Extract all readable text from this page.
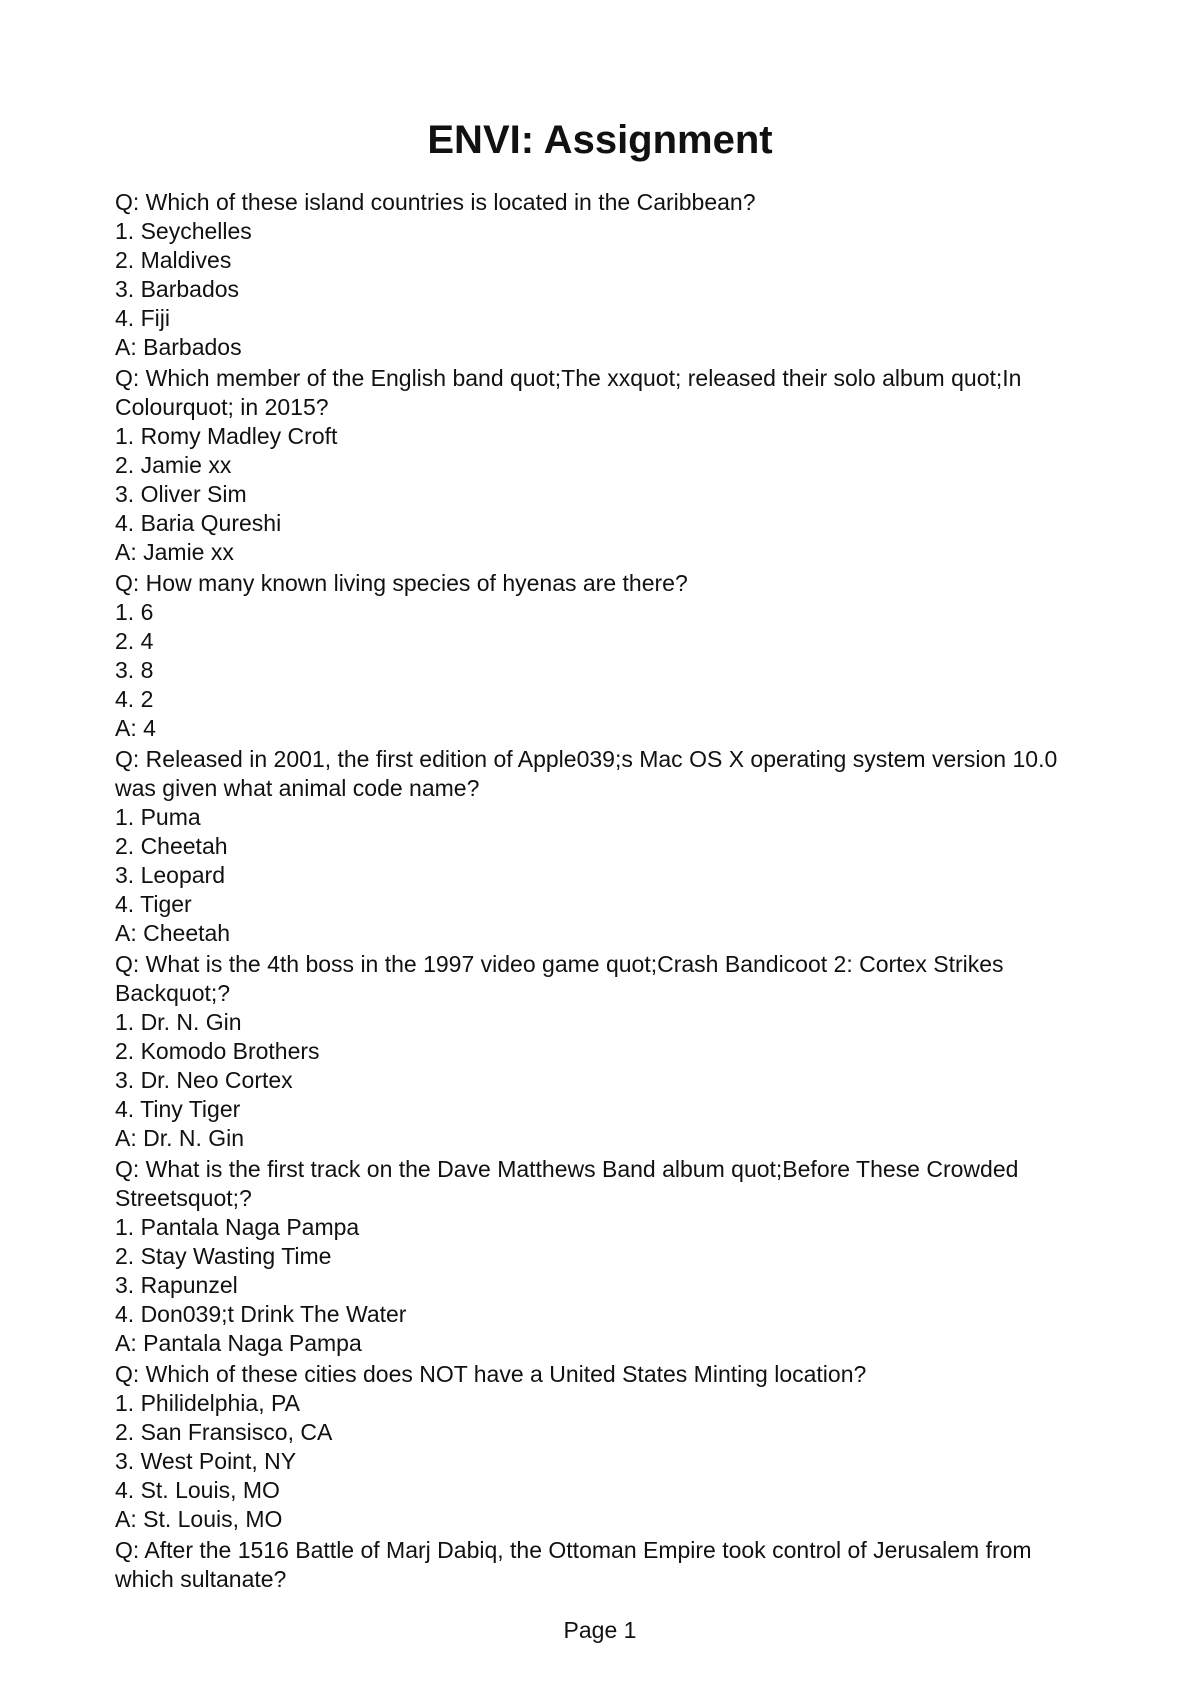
ENVI: Assignment
Q: Which of these island countries is located in the Caribbean?
1. Seychelles
2. Maldives
3. Barbados
4. Fiji
A: Barbados
Q: Which member of the English band quot;The xxquot; released their solo album quot;In Colourquot; in 2015?
1. Romy Madley Croft
2. Jamie xx
3. Oliver Sim
4. Baria Qureshi
A: Jamie xx
Q: How many known living species of hyenas are there?
1. 6
2. 4
3. 8
4. 2
A: 4
Q: Released in 2001, the first edition of Apple039;s Mac OS X operating system version 10.0 was given what animal code name?
1. Puma
2. Cheetah
3. Leopard
4. Tiger
A: Cheetah
Q: What is the 4th boss in the 1997 video game quot;Crash Bandicoot 2: Cortex Strikes Backquot;?
1. Dr. N. Gin
2. Komodo Brothers
3. Dr. Neo Cortex
4. Tiny Tiger
A: Dr. N. Gin
Q: What is the first track on the Dave Matthews Band album quot;Before These Crowded Streetsquot;?
1. Pantala Naga Pampa
2. Stay Wasting Time
3. Rapunzel
4. Don039;t Drink The Water
A: Pantala Naga Pampa
Q: Which of these cities does NOT have a United States Minting location?
1. Philidelphia, PA
2. San Fransisco, CA
3. West Point, NY
4. St. Louis, MO
A: St. Louis, MO
Q: After the 1516 Battle of Marj Dabiq, the Ottoman Empire took control of Jerusalem from which sultanate?
Page 1
